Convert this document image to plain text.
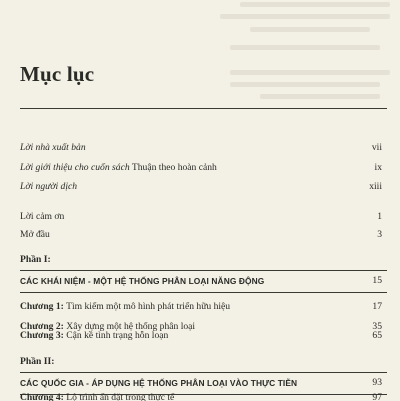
Mục lục
Lời nhà xuất bản	vii
Lời giới thiệu cho cuốn sách Thuận theo hoàn cảnh	ix
Lời người dịch	xiii
Lời cảm ơn	1
Mở đầu	3
Phần I:
CÁC KHÁI NIỆM - MỘT HỆ THỐNG PHÂN LOẠI NĂNG ĐỘNG	15
Chương 1: Tìm kiếm một mô hình phát triển hữu hiệu	17
Chương 2: Xây dựng một hệ thống phân loại	35
Chương 3: Cận kề tình trạng hỗn loạn	65
Phần II:
CÁC QUỐC GIA - ÁP DỤNG HỆ THỐNG PHÂN LOẠI VÀO THỰC TIỄN	93
Chương 4: Lộ trình ấn đặt trong thực tế	97
